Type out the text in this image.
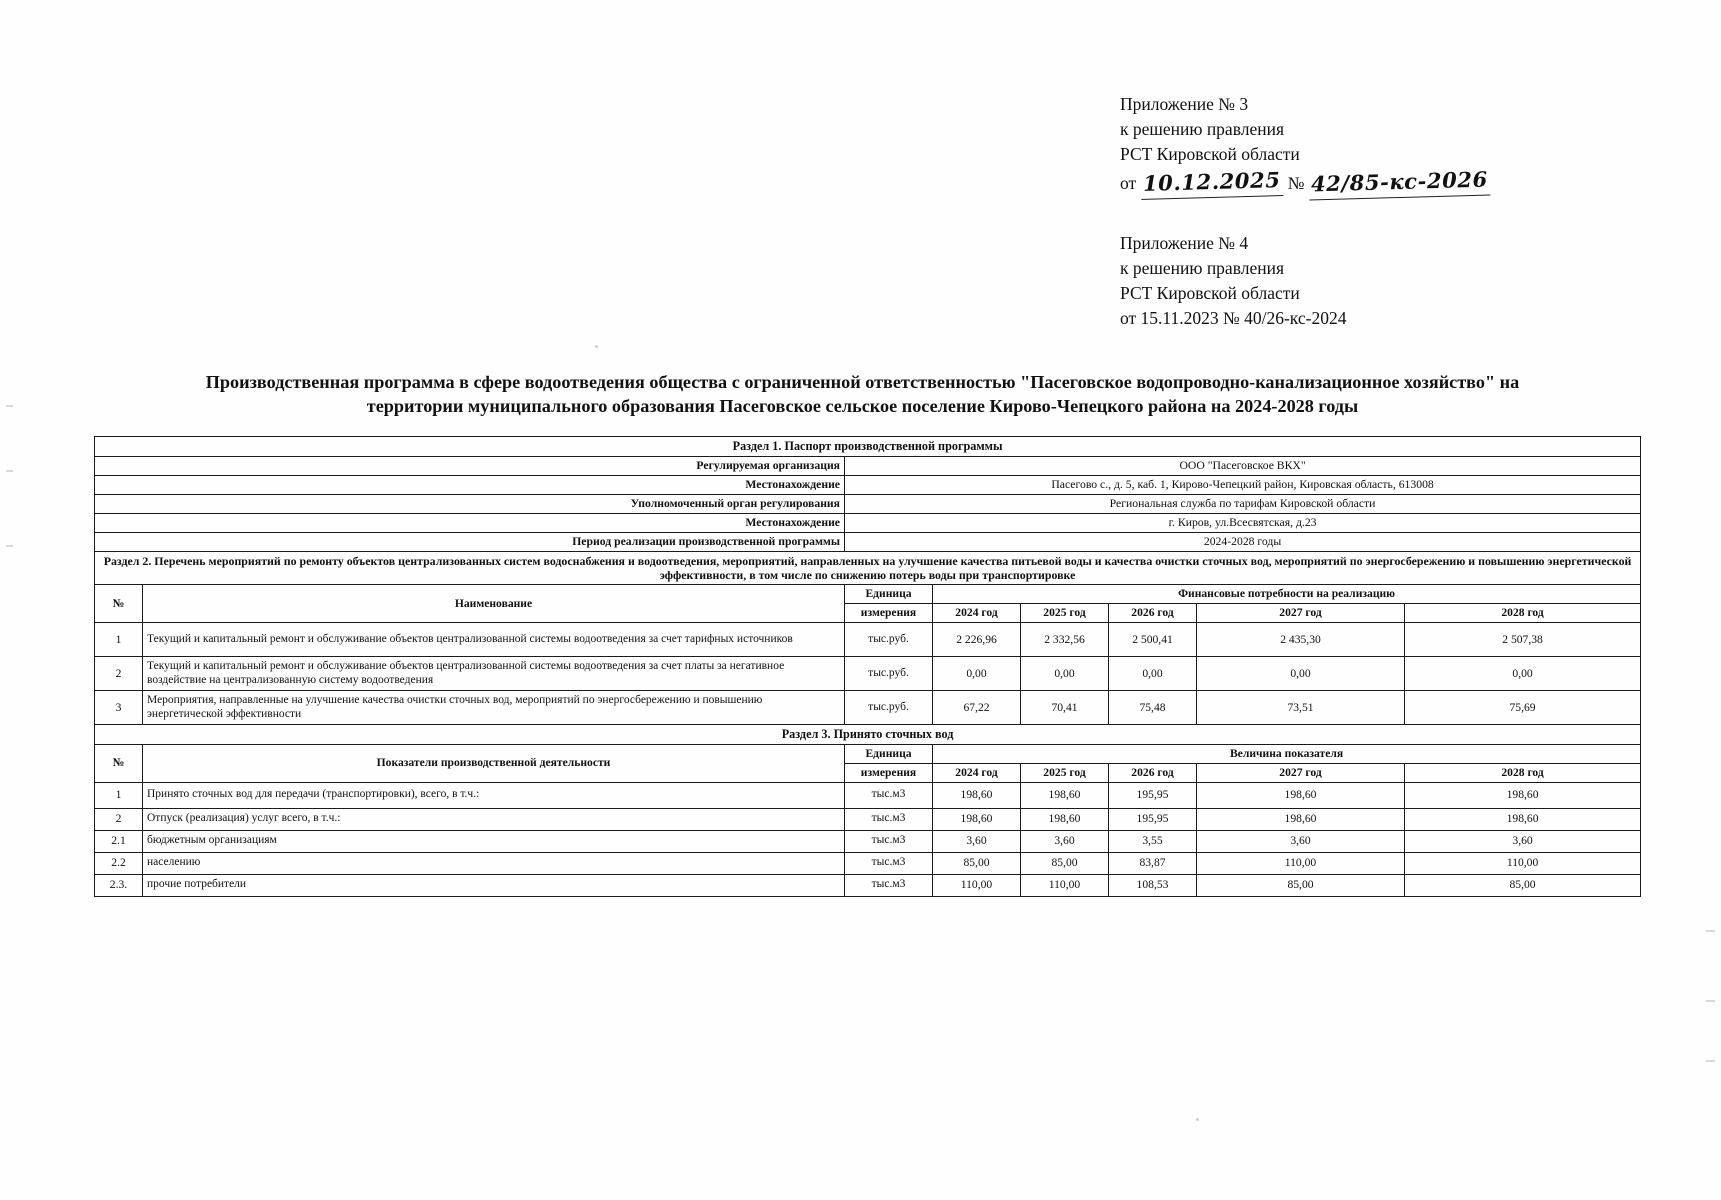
Приложение № 3
к решению правления
РСТ Кировской области
от 10.12.2025 № 42/85-кс-2026
Приложение № 4
к решению правления
РСТ Кировской области
от 15.11.2023 № 40/26-кс-2024
Производственная программа в сфере водоотведения общества с ограниченной ответственностью "Пасеговское водопроводно-канализационное хозяйство" на
территории муниципального образования Пасеговское сельское поселение Кирово-Чепецкого района на 2024-2028 годы
Раздел 1. Паспорт производственной программы							
Регулируемая организация		ООО "Пасеговское ВКХ"					
Местонахождение		Пасегово с., д. 5, каб. 1, Кирово-Чепецкий район, Кировская область, 613008					
Уполномоченный орган регулирования		Региональная служба по тарифам Кировской области					
Местонахождение		г. Киров, ул.Всесвятская, д.23					
Период реализации производственной программы		2024-2028 годы					
Раздел 2. Перечень мероприятий по ремонту объектов централизованных систем водоснабжения и водоотведения, мероприятий, направленных на улучшение качества питьевой воды и качества очистки сточных вод, мероприятий по энергосбережению и повышению энергетической эффективности, в том числе по снижению потерь воды при транспортировке							
№	Наименование	Единица	Финансовые потребности на реализацию				
		измерения	2024 год	2025 год	2026 год	2027 год	2028 год
1	Текущий и капитальный ремонт и обслуживание объектов централизованной системы водоотведения за счет тарифных источников	тыс.руб.	2 226,96	2 332,56	2 500,41	2 435,30	2 507,38
2	Текущий и капитальный ремонт и обслуживание объектов централизованной системы водоотведения за счет платы за негативное воздействие на централизованную систему водоотведения	тыс.руб.	0,00	0,00	0,00	0,00	0,00
3	Мероприятия, направленные на улучшение качества очистки сточных вод, мероприятий по энергосбережению и повышению энергетической эффективности	тыс.руб.	67,22	70,41	75,48	73,51	75,69
Раздел 3. Принято сточных вод							
№	Показатели производственной деятельности	Единица	Величина показателя				
		измерения	2024 год	2025 год	2026 год	2027 год	2028 год
1	Принято сточных вод для передачи (транспортировки), всего, в т.ч.:	тыс.м3	198,60	198,60	195,95	198,60	198,60
2	Отпуск (реализация) услуг всего, в т.ч.:	тыс.м3	198,60	198,60	195,95	198,60	198,60
2.1	бюджетным организациям	тыс.м3	3,60	3,60	3,55	3,60	3,60
2.2	населению	тыс.м3	85,00	85,00	83,87	110,00	110,00
2.3.	прочие потребители	тыс.м3	110,00	110,00	108,53	85,00	85,00
